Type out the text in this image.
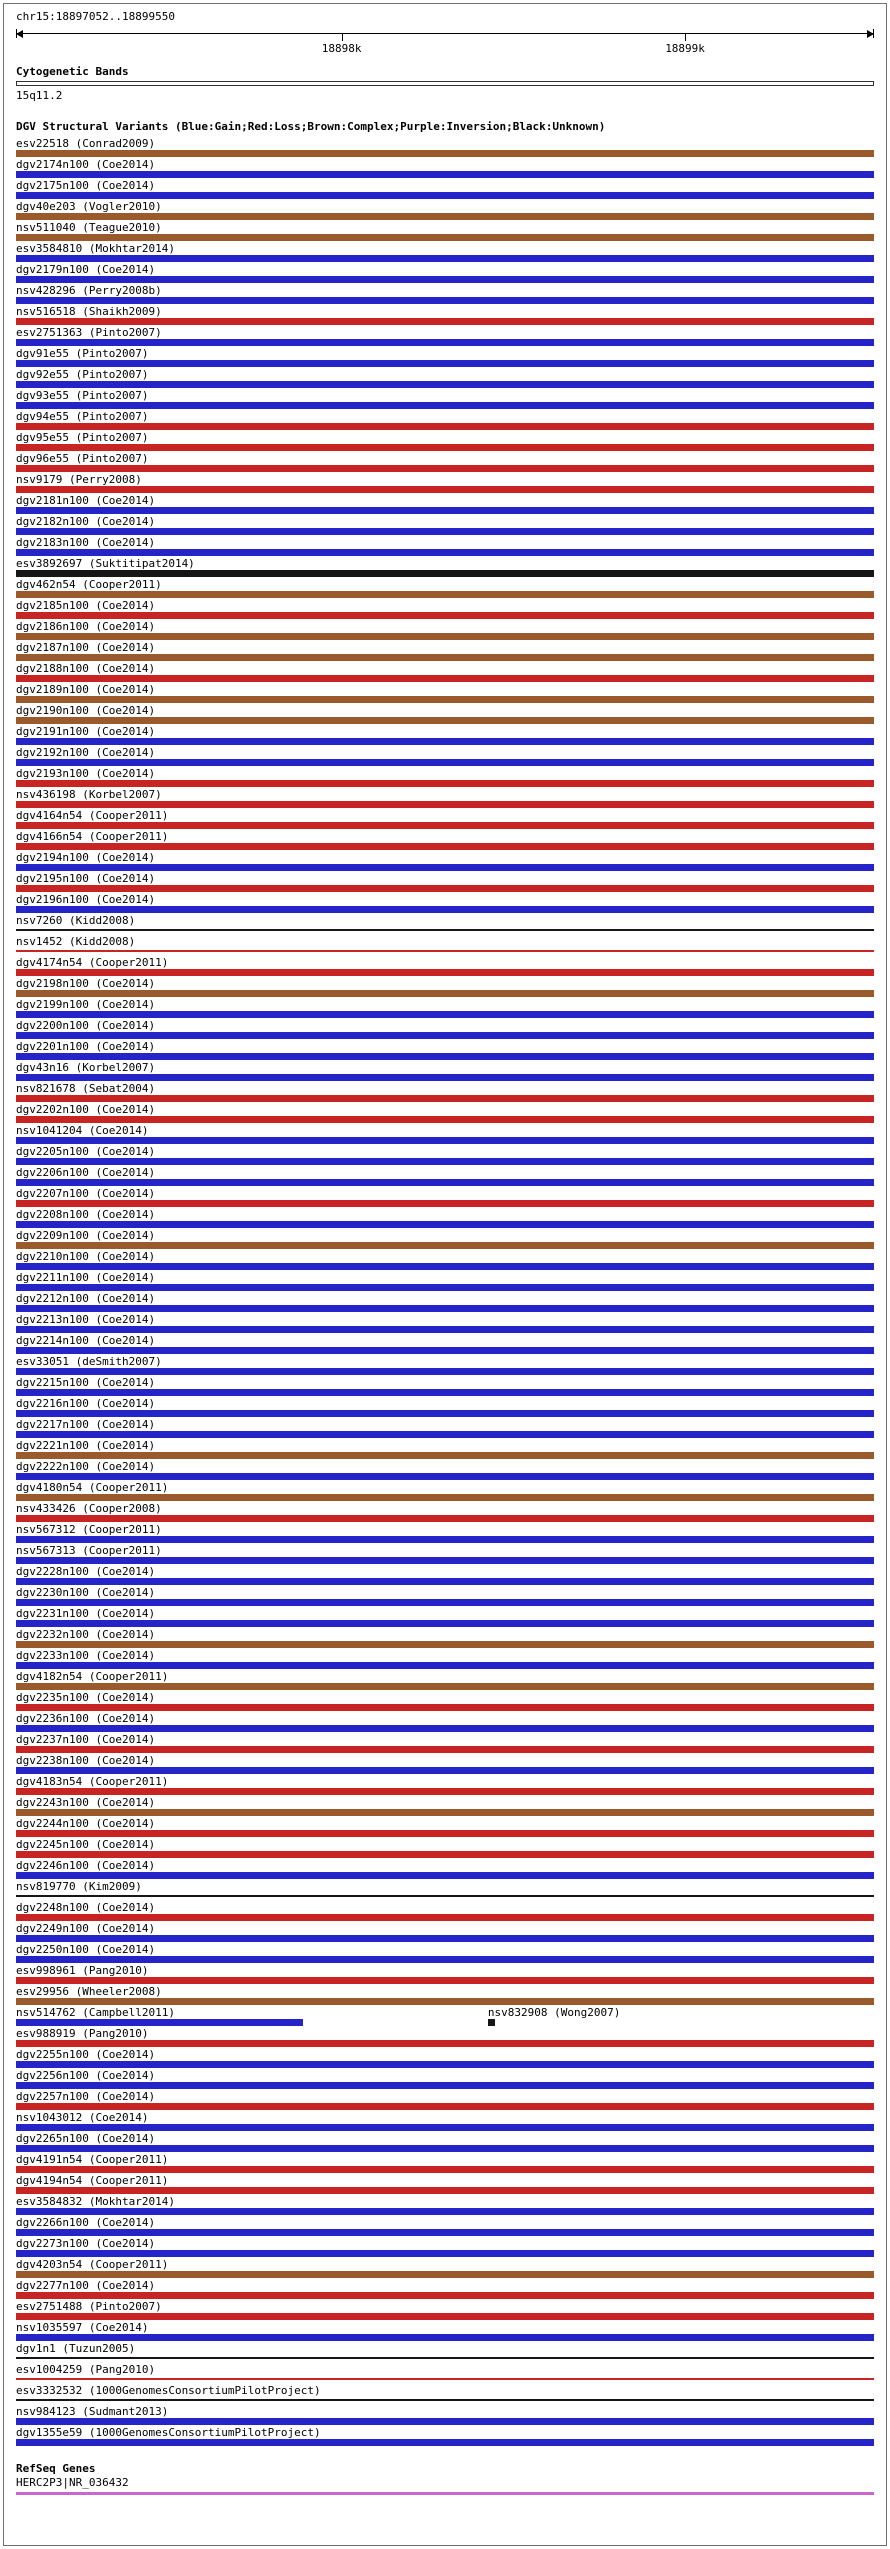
chr15:18897052..18899550
18898k	18899k
Cytogenetic Bands
15q11.2
DGV Structural Variants (Blue:Gain;Red:Loss;Brown:Complex;Purple:Inversion;Black:Unknown)
esv22518 (Conrad2009)
dgv2174n100 (Coe2014)
dgv2175n100 (Coe2014)
dgv40e203 (Vogler2010)
nsv511040 (Teague2010)
esv3584810 (Mokhtar2014)
dgv2179n100 (Coe2014)
nsv428296 (Perry2008b)
nsv516518 (Shaikh2009)
esv2751363 (Pinto2007)
dgv91e55 (Pinto2007)
dgv92e55 (Pinto2007)
dgv93e55 (Pinto2007)
dgv94e55 (Pinto2007)
dgv95e55 (Pinto2007)
dgv96e55 (Pinto2007)
nsv9179 (Perry2008)
dgv2181n100 (Coe2014)
dgv2182n100 (Coe2014)
dgv2183n100 (Coe2014)
esv3892697 (Suktitipat2014)
dgv462n54 (Cooper2011)
dgv2185n100 (Coe2014)
dgv2186n100 (Coe2014)
dgv2187n100 (Coe2014)
dgv2188n100 (Coe2014)
dgv2189n100 (Coe2014)
dgv2190n100 (Coe2014)
dgv2191n100 (Coe2014)
dgv2192n100 (Coe2014)
dgv2193n100 (Coe2014)
nsv436198 (Korbel2007)
dgv4164n54 (Cooper2011)
dgv4166n54 (Cooper2011)
dgv2194n100 (Coe2014)
dgv2195n100 (Coe2014)
dgv2196n100 (Coe2014)
nsv7260 (Kidd2008)
nsv1452 (Kidd2008)
dgv4174n54 (Cooper2011)
dgv2198n100 (Coe2014)
dgv2199n100 (Coe2014)
dgv2200n100 (Coe2014)
dgv2201n100 (Coe2014)
dgv43n16 (Korbel2007)
nsv821678 (Sebat2004)
dgv2202n100 (Coe2014)
nsv1041204 (Coe2014)
dgv2205n100 (Coe2014)
dgv2206n100 (Coe2014)
dgv2207n100 (Coe2014)
dgv2208n100 (Coe2014)
dgv2209n100 (Coe2014)
dgv2210n100 (Coe2014)
dgv2211n100 (Coe2014)
dgv2212n100 (Coe2014)
dgv2213n100 (Coe2014)
dgv2214n100 (Coe2014)
esv33051 (deSmith2007)
dgv2215n100 (Coe2014)
dgv2216n100 (Coe2014)
dgv2217n100 (Coe2014)
dgv2221n100 (Coe2014)
dgv2222n100 (Coe2014)
dgv4180n54 (Cooper2011)
nsv433426 (Cooper2008)
nsv567312 (Cooper2011)
nsv567313 (Cooper2011)
dgv2228n100 (Coe2014)
dgv2230n100 (Coe2014)
dgv2231n100 (Coe2014)
dgv2232n100 (Coe2014)
dgv2233n100 (Coe2014)
dgv4182n54 (Cooper2011)
dgv2235n100 (Coe2014)
dgv2236n100 (Coe2014)
dgv2237n100 (Coe2014)
dgv2238n100 (Coe2014)
dgv4183n54 (Cooper2011)
dgv2243n100 (Coe2014)
dgv2244n100 (Coe2014)
dgv2245n100 (Coe2014)
dgv2246n100 (Coe2014)
nsv819770 (Kim2009)
dgv2248n100 (Coe2014)
dgv2249n100 (Coe2014)
dgv2250n100 (Coe2014)
esv998961 (Pang2010)
esv29956 (Wheeler2008)
nsv514762 (Campbell2011)	nsv832908 (Wong2007)
esv988919 (Pang2010)
dgv2255n100 (Coe2014)
dgv2256n100 (Coe2014)
dgv2257n100 (Coe2014)
nsv1043012 (Coe2014)
dgv2265n100 (Coe2014)
dgv4191n54 (Cooper2011)
dgv4194n54 (Cooper2011)
esv3584832 (Mokhtar2014)
dgv2266n100 (Coe2014)
dgv2273n100 (Coe2014)
dgv4203n54 (Cooper2011)
dgv2277n100 (Coe2014)
esv2751488 (Pinto2007)
nsv1035597 (Coe2014)
dgv1n1 (Tuzun2005)
esv1004259 (Pang2010)
esv3332532 (1000GenomesConsortiumPilotProject)
nsv984123 (Sudmant2013)
dgv1355e59 (1000GenomesConsortiumPilotProject)
RefSeq Genes
HERC2P3|NR_036432
